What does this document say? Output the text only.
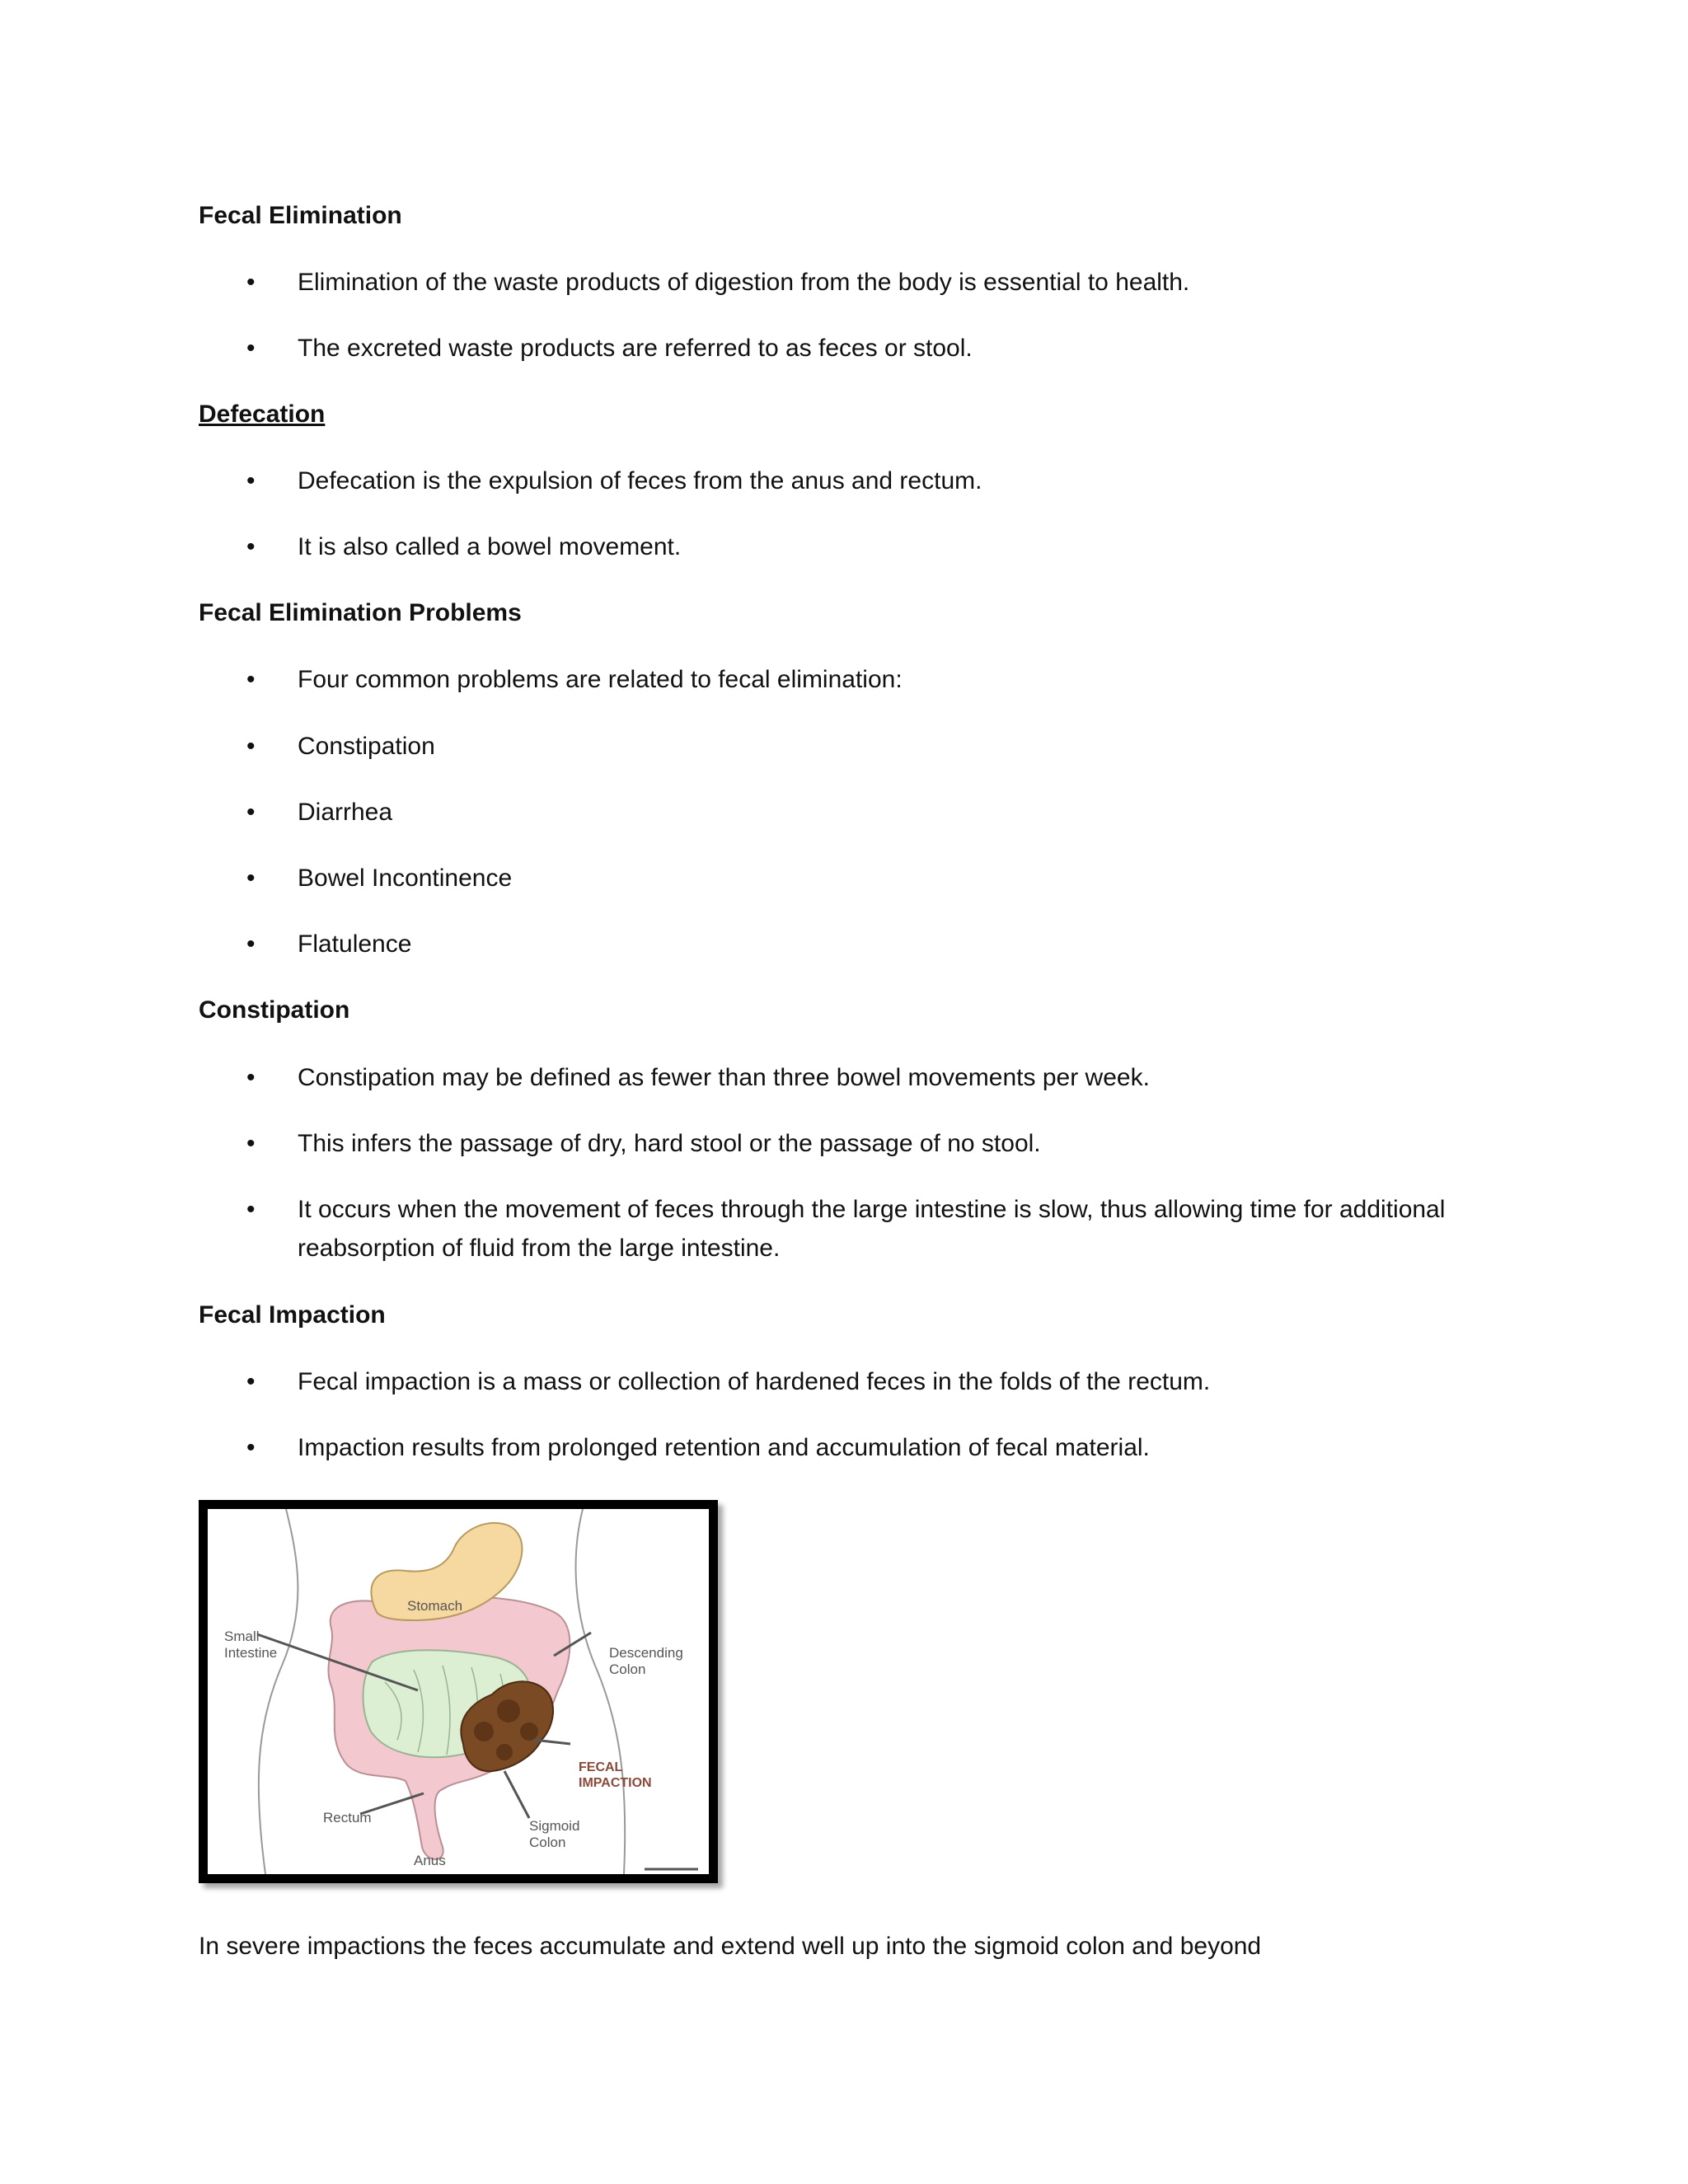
Fecal Elimination
• Elimination of the waste products of digestion from the body is essential to health.
• The excreted waste products are referred to as feces or stool.
Defecation
• Defecation is the expulsion of feces from the anus and rectum.
• It is also called a bowel movement.
Fecal Elimination Problems
• Four common problems are related to fecal elimination:
• Constipation
• Diarrhea
• Bowel Incontinence
• Flatulence
Constipation
• Constipation may be defined as fewer than three bowel movements per week.
• This infers the passage of dry, hard stool or the passage of no stool.
• It occurs when the movement of feces through the large intestine is slow, thus allowing time for additional reabsorption of fluid from the large intestine.
Fecal Impaction
• Fecal impaction is a mass or collection of hardened feces in the folds of the rectum.
• Impaction results from prolonged retention and accumulation of fecal material.
Stomach
Small
Intestine	Descending
Colon
FECAL
IMPACTION
Rectum
Sigmoid
Colon
Anus
In severe impactions the feces accumulate and extend well up into the sigmoid colon and beyond
